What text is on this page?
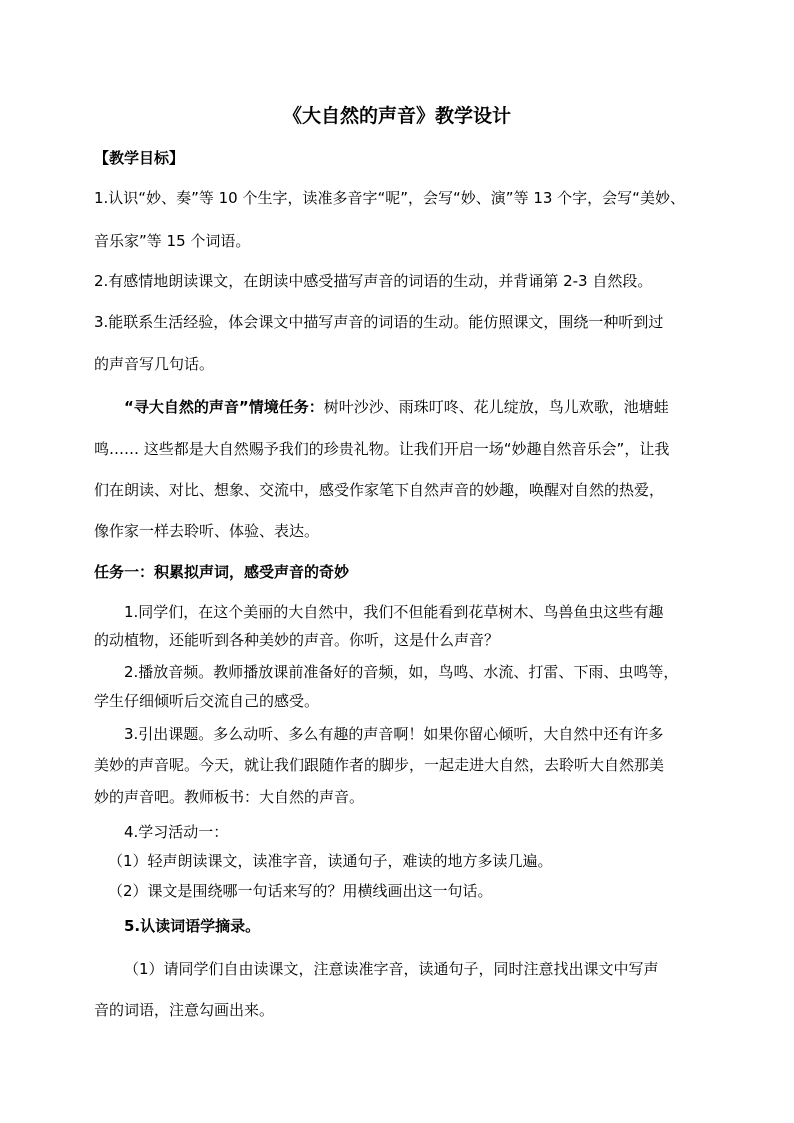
《大自然的声音》教学设计
【教学目标】
1.认识“妙、奏”等 10 个生字，读准多音字“呢”，会写“妙、演”等 13 个字，会写“美妙、
音乐家”等 15 个词语。
2.有感情地朗读课文，在朗读中感受描写声音的词语的生动，并背诵第 2-3 自然段。
3.能联系生活经验，体会课文中描写声音的词语的生动。能仿照课文，围绕一种听到过
的声音写几句话。
“寻大自然的声音”情境任务：树叶沙沙、雨珠叮咚、花儿绽放，鸟儿欢歌，池塘蛙
鸣…… 这些都是大自然赐予我们的珍贵礼物。让我们开启一场“妙趣自然音乐会”，让我
们在朗读、对比、想象、交流中，感受作家笔下自然声音的妙趣，唤醒对自然的热爱，
像作家一样去聆听、体验、表达。
任务一：积累拟声词，感受声音的奇妙
1.同学们，在这个美丽的大自然中，我们不但能看到花草树木、鸟兽鱼虫这些有趣
的动植物，还能听到各种美妙的声音。你听，这是什么声音？
2.播放音频。教师播放课前准备好的音频，如，鸟鸣、水流、打雷、下雨、虫鸣等，
学生仔细倾听后交流自己的感受。
3.引出课题。多么动听、多么有趣的声音啊！如果你留心倾听，大自然中还有许多
美妙的声音呢。今天，就让我们跟随作者的脚步，一起走进大自然，去聆听大自然那美
妙的声音吧。教师板书：大自然的声音。
4.学习活动一：
（1）轻声朗读课文，读准字音，读通句子，难读的地方多读几遍。
（2）课文是围绕哪一句话来写的？用横线画出这一句话。
5.认读词语学摘录。
（1）请同学们自由读课文，注意读准字音，读通句子，同时注意找出课文中写声
音的词语，注意勾画出来。
